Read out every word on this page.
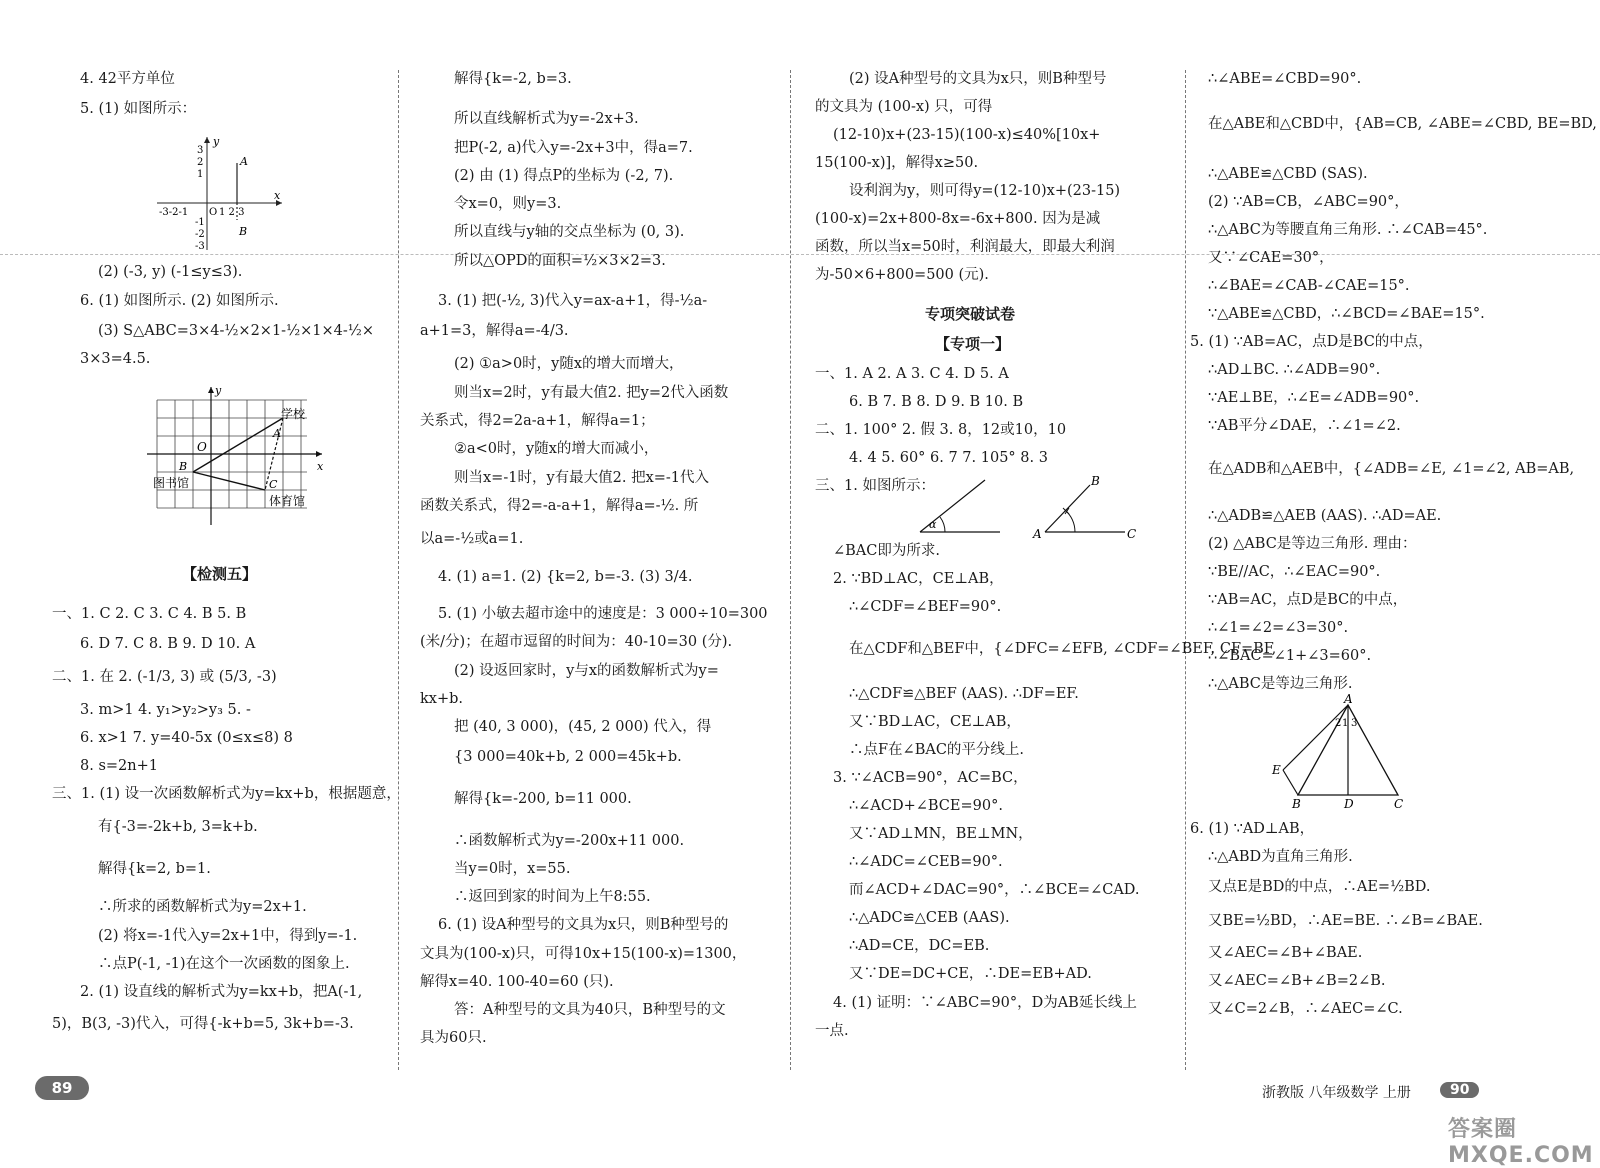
4. 42平方单位
5. (1) 如图所示：
y
x
A
B
O
1
2
3
-1
-2
-3
-3-2-1	1 2 3
(2) (-3, y) (-1≤y≤3).
6. (1) 如图所示. (2) 如图所示.
(3) S△ABC=3×4-½×2×1-½×1×4-½×
3×3=4.5.
y
x
O
A
B
C
学校
图书馆
体育馆
【检测五】
一、1. C 2. C 3. C 4. B 5. B
6. D 7. C 8. B 9. D 10. A
二、1. 在 2. (-1/3, 3) 或 (5/3, -3)
3. m>1 4. y₁>y₂>y₃ 5. -
6. x>1 7. y=40-5x (0≤x≤8) 8
8. s=2n+1
三、1. (1) 设一次函数解析式为y=kx+b，根据题意，
有{-3=-2k+b, 3=k+b.
解得{k=2, b=1.
∴所求的函数解析式为y=2x+1.
(2) 将x=-1代入y=2x+1中，得到y=-1.
∴点P(-1, -1)在这个一次函数的图象上.
2. (1) 设直线的解析式为y=kx+b，把A(-1,
5)，B(3, -3)代入，可得{-k+b=5, 3k+b=-3.
解得{k=-2, b=3.
所以直线解析式为y=-2x+3.
把P(-2, a)代入y=-2x+3中，得a=7.
(2) 由 (1) 得点P的坐标为 (-2, 7).
令x=0，则y=3.
所以直线与y轴的交点坐标为 (0, 3).
所以△OPD的面积=½×3×2=3.
3. (1) 把(-½, 3)代入y=ax-a+1，得-½a-
a+1=3，解得a=-4/3.
(2) ①a>0时，y随x的增大而增大，
则当x=2时，y有最大值2. 把y=2代入函数
关系式，得2=2a-a+1，解得a=1；
②a<0时，y随x的增大而减小，
则当x=-1时，y有最大值2. 把x=-1代入
函数关系式，得2=-a-a+1，解得a=-½. 所
以a=-½或a=1.
4. (1) a=1. (2) {k=2, b=-3. (3) 3/4.
5. (1) 小敏去超市途中的速度是：3 000÷10=300
(米/分)；在超市逗留的时间为：40-10=30 (分).
(2) 设返回家时，y与x的函数解析式为y=
kx+b.
把 (40, 3 000)，(45, 2 000) 代入，得
{3 000=40k+b, 2 000=45k+b.
解得{k=-200, b=11 000.
∴函数解析式为y=-200x+11 000.
当y=0时，x=55.
∴返回到家的时间为上午8:55.
6. (1) 设A种型号的文具为x只，则B种型号的
文具为(100-x)只，可得10x+15(100-x)=1300，
解得x=40. 100-40=60 (只).
答：A种型号的文具为40只，B种型号的文
具为60只.
(2) 设A种型号的文具为x只，则B种型号
的文具为 (100-x) 只，可得
(12-10)x+(23-15)(100-x)≤40%[10x+
15(100-x)]，解得x≥50.
设利润为y，则可得y=(12-10)x+(23-15)
(100-x)=2x+800-8x=-6x+800. 因为是减
函数，所以当x=50时，利润最大，即最大利润
为-50×6+800=500 (元).
专项突破试卷
【专项一】
一、1. A 2. A 3. C 4. D 5. A
6. B 7. B 8. D 9. B 10. B
二、1. 100° 2. 假 3. 8，12或10，10
4. 4 5. 60° 6. 7 7. 105° 8. 3
三、1. 如图所示：
α
B
A	C
∠BAC即为所求.
2. ∵BD⊥AC，CE⊥AB，
∴∠CDF=∠BEF=90°.
在△CDF和△BEF中，{∠DFC=∠EFB, ∠CDF=∠BEF, CF=BF,
∴△CDF≌△BEF (AAS). ∴DF=EF.
又∵BD⊥AC，CE⊥AB，
∴点F在∠BAC的平分线上.
3. ∵∠ACB=90°，AC=BC，
∴∠ACD+∠BCE=90°.
又∵AD⊥MN，BE⊥MN，
∴∠ADC=∠CEB=90°.
而∠ACD+∠DAC=90°，∴∠BCE=∠CAD.
∴△ADC≌△CEB (AAS).
∴AD=CE，DC=EB.
又∵DE=DC+CE，∴DE=EB+AD.
4. (1) 证明：∵∠ABC=90°，D为AB延长线上
一点.
∴∠ABE=∠CBD=90°.
在△ABE和△CBD中，{AB=CB, ∠ABE=∠CBD, BE=BD,
∴△ABE≌△CBD (SAS).
(2) ∵AB=CB，∠ABC=90°，
∴△ABC为等腰直角三角形. ∴∠CAB=45°.
又∵∠CAE=30°，
∴∠BAE=∠CAB-∠CAE=15°.
∵△ABE≌△CBD，∴∠BCD=∠BAE=15°.
5. (1) ∵AB=AC，点D是BC的中点，
∴AD⊥BC. ∴∠ADB=90°.
∵AE⊥BE，∴∠E=∠ADB=90°.
∵AB平分∠DAE，∴∠1=∠2.
在△ADB和△AEB中，{∠ADB=∠E, ∠1=∠2, AB=AB,
∴△ADB≌△AEB (AAS). ∴AD=AE.
(2) △ABC是等边三角形. 理由：
∵BE//AC，∴∠EAC=90°.
∵AB=AC，点D是BC的中点，
∴∠1=∠2=∠3=30°.
∴∠BAC=∠1+∠3=60°.
∴△ABC是等边三角形.
A
E
B	D	C
2 1 3
6. (1) ∵AD⊥AB，
∴△ABD为直角三角形.
又点E是BD的中点，∴AE=½BD.
又BE=½BD，∴AE=BE. ∴∠B=∠BAE.
又∠AEC=∠B+∠BAE.
又∠AEC=∠B+∠B=2∠B.
又∠C=2∠B，∴∠AEC=∠C.
89	浙教版 八年级数学 上册	90
答案圈 MXQE.COM
